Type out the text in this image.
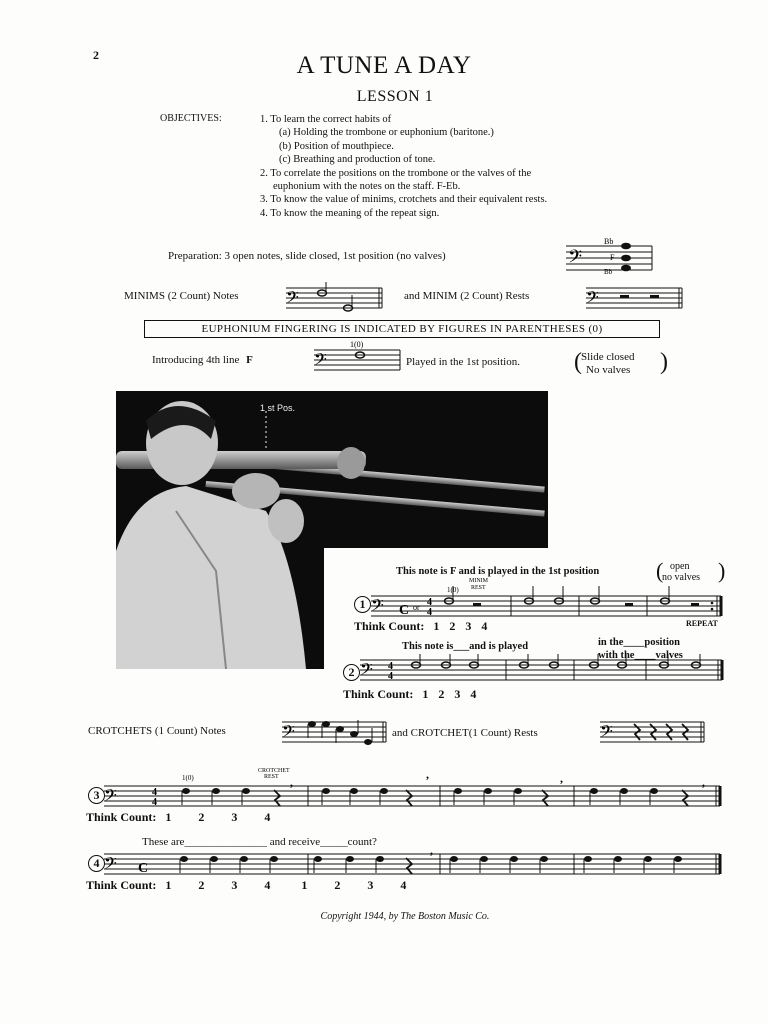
2	A TUNE A DAY
LESSON 1
OBJECTIVES:	1. To learn the correct habits of
(a) Holding the trombone or euphonium (baritone.)
(b) Position of mouthpiece.
(c) Breathing and production of tone.
2. To correlate the positions on the trombone or the valves of the
euphonium with the notes on the staff. F-Eb.
3. To know the value of minims, crotchets and their equivalent rests.
4. To know the meaning of the repeat sign.
Preparation: 3 open notes, slide closed, 1st position (no valves)	𝄢
Bb
F
Bb
MINIMS (2 Count) Notes 𝄢	and MINIM (2 Count) Rests	𝄢
EUPHONIUM FINGERING IS INDICATED BY FIGURES IN PARENTHESES (0)
Introducing 4th line F	𝄢
1(0)
Played in the 1st position. ( Slide closed
No valves )
1 st Pos.
This note is F and is played in the 1st position	( open
no valves )
1 𝄢 C or 4
4
1(0)
MINIM
REST
REPEAT
Think Count: 1 2 3 4
This note is___and is played	in the____position
with the____valves
2 𝄢 4
4
Think Count: 1 2 3 4
CROTCHETS (1 Count) Notes	𝄢	and CROTCHET(1 Count) Rests	𝄢
3 𝄢	4
4
,
,	,	,
1(0)
CROTCHET
REST
Think Count: 1 2 3 4
These are_______________ and receive_____count?
4 𝄢 C
,
Think Count: 1 2 3 4	1 2 3 4
Copyright 1944, by The Boston Music Co.
